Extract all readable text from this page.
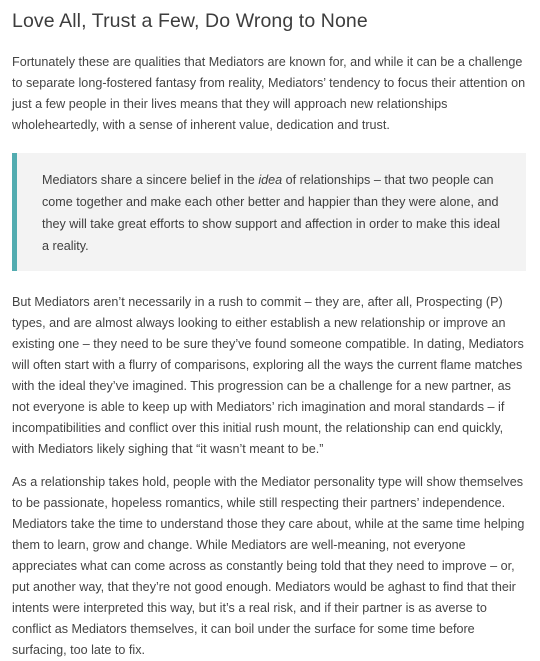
Love All, Trust a Few, Do Wrong to None

Fortunately these are qualities that Mediators are known for, and while it can be a challenge to separate long-fostered fantasy from reality, Mediators’ tendency to focus their attention on just a few people in their lives means that they will approach new relationships wholeheartedly, with a sense of inherent value, dedication and trust.

Mediators share a sincere belief in the idea of relationships – that two people can come together and make each other better and happier than they were alone, and they will take great efforts to show support and affection in order to make this ideal a reality.

But Mediators aren’t necessarily in a rush to commit – they are, after all, Prospecting (P) types, and are almost always looking to either establish a new relationship or improve an existing one – they need to be sure they’ve found someone compatible. In dating, Mediators will often start with a flurry of comparisons, exploring all the ways the current flame matches with the ideal they’ve imagined. This progression can be a challenge for a new partner, as not everyone is able to keep up with Mediators’ rich imagination and moral standards – if incompatibilities and conflict over this initial rush mount, the relationship can end quickly, with Mediators likely sighing that “it wasn’t meant to be.”

As a relationship takes hold, people with the Mediator personality type will show themselves to be passionate, hopeless romantics, while still respecting their partners’ independence. Mediators take the time to understand those they care about, while at the same time helping them to learn, grow and change. While Mediators are well-meaning, not everyone appreciates what can come across as constantly being told that they need to improve – or, put another way, that they’re not good enough. Mediators would be aghast to find that their intents were interpreted this way, but it’s a real risk, and if their partner is as averse to conflict as Mediators themselves, it can boil under the surface for some time before surfacing, too late to fix.
